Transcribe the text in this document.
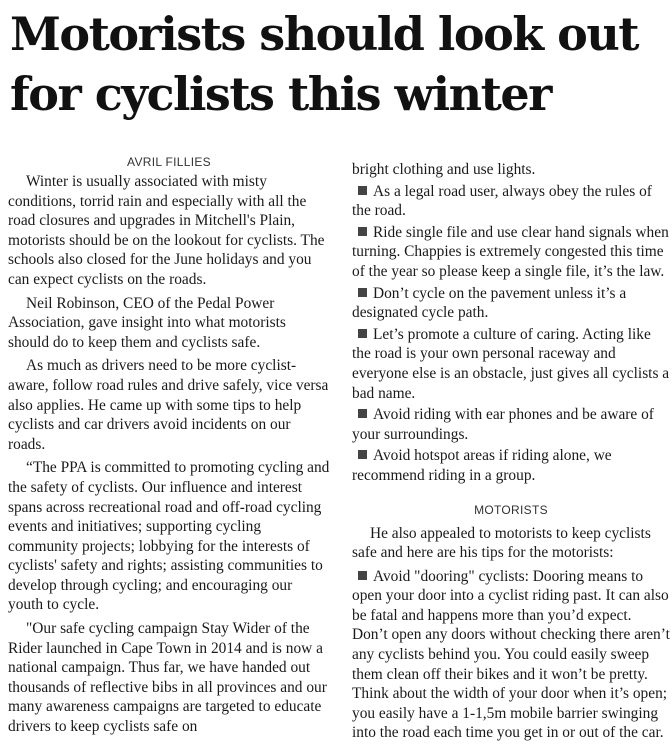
Motorists should look out
for cyclists this winter
AVRIL FILLIES

Winter is usually associated with misty conditions, torrid rain and especially with all the road closures and upgrades in Mitchell's Plain, motorists should be on the lookout for cyclists. The schools also closed for the June holidays and you can expect cyclists on the roads.

Neil Robinson, CEO of the Pedal Power Association, gave insight into what motorists should do to keep them and cyclists safe.

As much as drivers need to be more cyclist-aware, follow road rules and drive safely, vice versa also applies. He came up with some tips to help cyclists and car drivers avoid incidents on our roads.

“The PPA is committed to promoting cycling and the safety of cyclists. Our influence and interest spans across recreational road and off-road cycling events and initiatives; supporting cycling community projects; lobbying for the interests of cyclists' safety and rights; assisting communities to develop through cycling; and encouraging our youth to cycle.

"Our safe cycling campaign Stay Wider of the Rider launched in Cape Town in 2014 and is now a national campaign. Thus far, we have handed out thousands of reflective bibs in all provinces and our many awareness campaigns are targeted to educate drivers to keep cyclists safe on

bright clothing and use lights.

As a legal road user, always obey the rules of the road.

Ride single file and use clear hand signals when turning. Chappies is extremely congested this time of the year so please keep a single file, it’s the law.

Don’t cycle on the pavement unless it’s a designated cycle path.

Let’s promote a culture of caring. Acting like the road is your own personal raceway and everyone else is an obstacle, just gives all cyclists a bad name.

Avoid riding with ear phones and be aware of your surroundings.

Avoid hotspot areas if riding alone, we recommend riding in a group.

MOTORISTS

He also appealed to motorists to keep cyclists safe and here are his tips for the motorists:

Avoid "dooring" cyclists: Dooring means to open your door into a cyclist riding past. It can also be fatal and happens more than you’d expect. Don’t open any doors without checking there aren’t any cyclists behind you. You could easily sweep them clean off their bikes and it won’t be pretty. Think about the width of your door when it’s open; you easily have a 1-1,5m mobile barrier swinging into the road each time you get in or out of the car.
